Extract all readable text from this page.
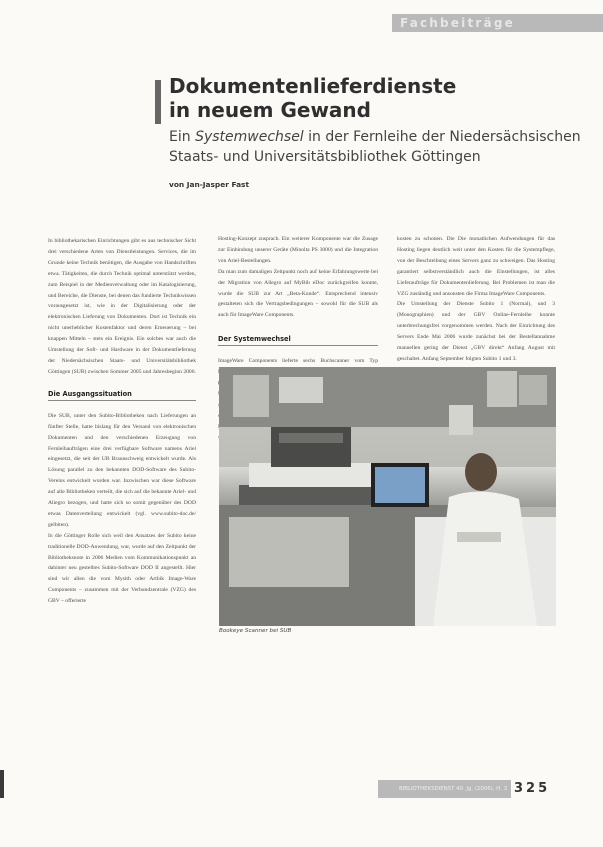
Fachbeiträge
Dokumentenlieferdienste
in neuem Gewand

Ein Systemwechsel in der Fernleihe der Niedersächsischen Staats- und Universitätsbibliothek Göttingen

von Jan-Jasper Fast

In bibliothekarischen Einrichtungen gibt es aus technischer Sicht drei verschiedene Arten von Dienstleistungen. Services, die im Grunde keine Technik benötigen, die Ausgabe von Handschriften etwa. Tätigkeiten, die durch Technik optimal unterstützt werden, zum Beispiel in der Medienverwaltung oder im Katalogisierung, und Bereiche, die Dienste, bei denen das fundierte Technikwissen vorausgesetzt ist, wie in der Digitalisierung oder der elektronischen Lieferung von Dokumenten. Dort ist Technik ein nicht unerheblicher Kostenfaktor und deren Erneuerung – bei knappen Mitteln – stets ein Ereignis. Ein solches war auch die Umstellung der Soft- und Hardware in der Dokumentlieferung der Niedersächsischen Staats- und Universitätsbibliothek Göttingen (SUB) zwischen Sommer 2005 und Jahresbeginn 2006.

Die Ausgangssituation

Die SUB, unter den Subito-Bibliotheken nach Lieferungen an fünfter Stelle, hatte bislang für den Versand von elektronischen Dokumenten und den verschiedenen Erzeugung von Fernleihaufträgen eine drei verfügbare Software namens Ariel eingesetzt, die seit der UB Braunschweig entwickelt wurde. Als Lösung parallel zu den bekannten DOD-Software des Subito-Vereins entwickelt worden war. Inzwischen war diese Software auf alle Bibliotheken verteilt, die sich auf die bekannte Ariel- und Aliegro bezogen, und hatte sich so somit gegenüber des DOD etwas Datenverteilung entwickelt (vgl. www.subito-doc.de/ gelbiten).

In die Göttinger Rolle sich weil den Ansatzes der Subito keine traditionelle DOD-Anwendung, war, wurde auf den Zeitpunkt der Bibliotheksnote in 2006 Medien vom Kommunikationspunkt an dahinter neu gestelltes Subito-Software DOD II angestellt. Hier sind wir allen die vom Mysith oder Arthik Image-Ware Components – zusammen mit der Verbundzentrale (VZG) des GBV – offerierte

Hosting-Konzept zusprach. Ein weiterer Komponente war die Zusage zur Einbindung unserer Geräte (Minolta PS 3000) und die Integration von Ariel-Bestellungen.

Da man zum damaligen Zeitpunkt noch auf keine Erfahrungswerte bei der Migration von Allegro auf MyBib eDoc zurückgreifen konnte, wurde die SUB zur Art „Beta-Kunde“. Entsprechend intensiv gestalteten sich die Vertragsbedingungen – sowohl für die SUB als auch für ImageWare Components.

Der Systemwechsel

ImageWare Components lieferte sechs Buchscanner vom Typ

kosten zu schonen. Die Die monatlichen Aufwendungen für das Hosting liegen deutlich weit unter den Kosten für die Systempflege, von der Beschreibung eines Servers ganz zu schweigen. Das Hosting garantiert selbstverständlich auch die Einstellungen, ist alles Lieferaufträge für Dokumentenlieferung. Bei Problemen ist man die VZG zuständig und ansonsten die Firma ImageWare Components.

Die Umstellung der Dienste Subito 1 (Normal), und 3 (Monographien) und der GBV Online-Fernleihe konnte unterbrechungsfrei vorgenommen werden. Nach der Einrichtung des Servers Ende Mai 2006 wurde zunächst bei der Bestellannahme manuellen gering der Dienst „GBV direkt“ Anfang August mit geschaltet. Anfang September folgten Subito 1 und 3.

Bookeye Scanner bei SUB
BIBLIOTHEKSDIENST 40. Jg. (2006), H. 3 325
